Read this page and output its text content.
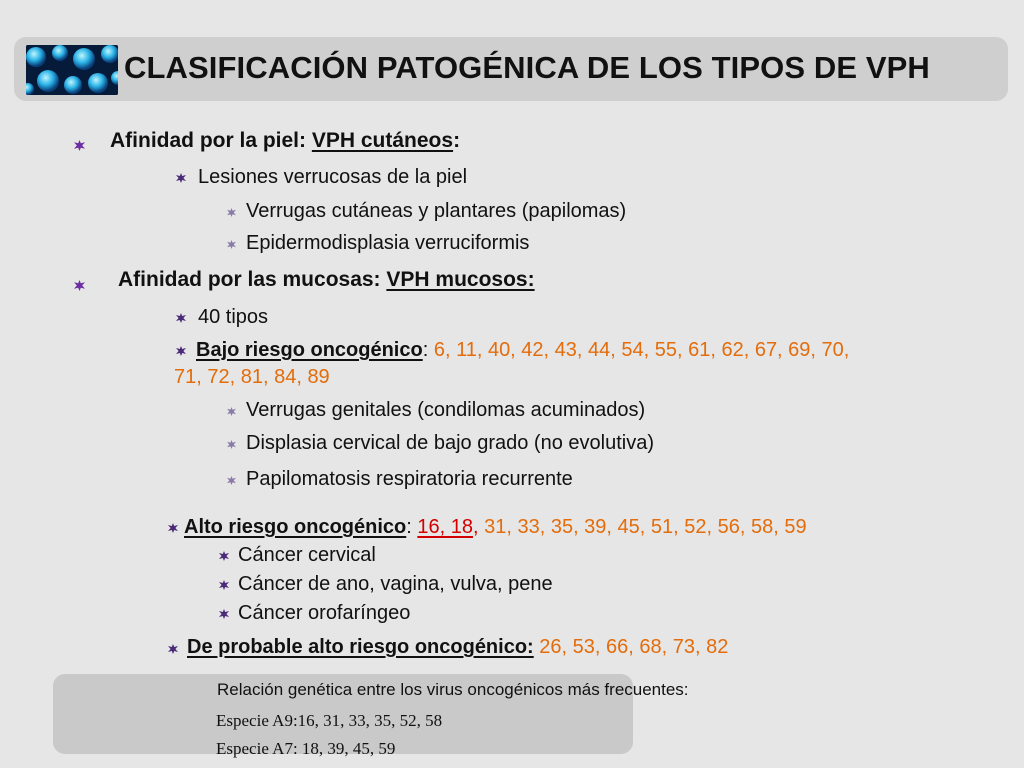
CLASIFICACIÓN PATOGÉNICA DE LOS TIPOS DE VPH
Afinidad por la piel: VPH cutáneos:
Lesiones verrucosas de la piel
Verrugas cutáneas y plantares (papilomas)
Epidermodisplasia verruciformis
Afinidad por las mucosas: VPH mucosos:
40 tipos
Bajo riesgo oncogénico: 6, 11, 40, 42, 43, 44, 54, 55, 61, 62, 67, 69, 70,
71, 72, 81, 84, 89
Verrugas genitales (condilomas acuminados)
Displasia cervical de bajo grado (no evolutiva)
Papilomatosis respiratoria recurrente
Alto riesgo oncogénico: 16, 18, 31, 33, 35, 39, 45, 51, 52, 56, 58, 59
Cáncer cervical
Cáncer de ano, vagina, vulva, pene
Cáncer orofaríngeo
De probable alto riesgo oncogénico: 26, 53, 66, 68, 73, 82
Relación genética entre los virus oncogénicos más frecuentes:
Especie A9:16, 31, 33, 35, 52, 58
Especie A7: 18, 39, 45, 59
